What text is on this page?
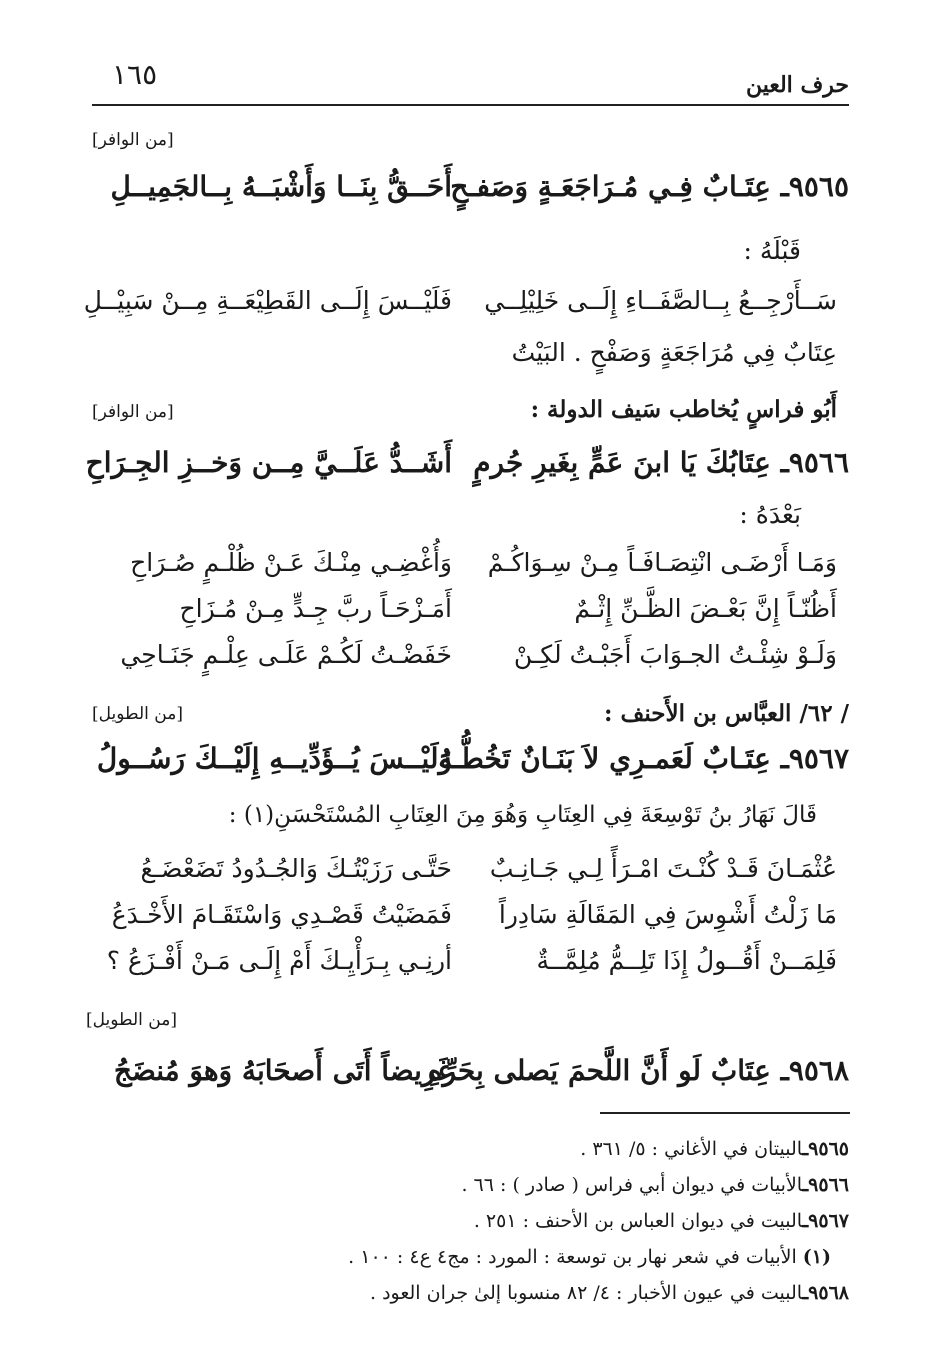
١٦٥	حرف العين
[من الوافر]
٩٥٦٥ـ عِتَـابٌ فِـي مُـرَاجَعَـةٍ وَصَفـحٍ
أَحَــقُّ بِنَــا وَأَشْبَــهُ بِــالجَمِيــلِ
قَبْلَهُ :
سَــأَرْجِــعُ بِــالصَّفَــاءِ إِلَــى خَلِيْلِــي
فَلَيْــسَ إِلَــى القَطِيْعَــةِ مِــنْ سَبِيْــلِ
عِتَابٌ فِي مُرَاجَعَةٍ وَصَفْحٍ . البَيْتُ
أَبُو فراسٍ يُخاطب سَيف الدولة :
[من الوافر]
٩٥٦٦ـ عِتَابُكَ يَا ابنَ عَمٍّ بِغَيرِ جُرمٍ
أَشَــدُّ عَلَــيَّ مِــن وَخــزِ الجِـرَاحِ
بَعْدَهُ :
وَمَـا أَرْضَـى انْتِصَـافَـاً مِـنْ سِـوَاكُـمْ
وَأُغْضِـي مِنْـكَ عَـنْ ظُلْـمٍ صُـرَاحِ
أَظُنّـاً إِنَّ بَعْـضَ الظَّـنِّ إِثْـمٌ
أَمَـزْحَـاً ربَّ جِـدٍّ مِـنْ مُـزَاحِ
وَلَـوْ شِئْـتُ الجـوَابَ أَجَبْـتُ لَكِـنْ
خَفَضْـتُ لَكُـمْ عَلَـى عِلْـمٍ جَنَـاحِي
/ ٦٢/ العبَّاس بن الأَحنف :
[من الطويل]
٩٥٦٧ـ عِتَـابٌ لَعَمـرِي لاَ بَنَـانٌ تَخُطُّـهُ
وَلَيْــسَ يُــؤَدِّيــهِ إِلَيْــكَ رَسُــولُ
قَالَ نَهَارُ بنُ تَوْسِعَةَ فِي العِتَابِ وَهُوَ مِنَ العِتَابِ المُسْتَحْسَنِ(١) :
عُثْمَـانَ قَـدْ كُنْـتَ امْـرَأً لِـي جَـانِـبٌ
حَتَّـى رَزَيْتُـكَ وَالجُـدُودُ تَضَعْضَـعُ
مَا زَلْتُ أَشْوِسَ فِي المَقَالَةِ سَادِراً
فَمَضَيْتُ قَصْـدِي وَاسْتَقَـامَ الأَخْـدَعُ
فَلِمَــنْ أَقُــولُ إِذَا تَلِــمُّ مُلِمَّــةٌ
أرنِـي بِـرَأْيِـكَ أَمْ إِلَـى مَـنْ أَفْـزَعُ ؟
[من الطويل]
٩٥٦٨ـ عِتَابٌ لَو أَنَّ اللَّحمَ يَصلى بِحَرِّهِ
غَرِيضاً أَتَى أَصحَابَهُ وَهوَ مُنضَجُ
٩٥٦٥ـالبيتان في الأغاني : ٥/ ٣٦١ .
٩٥٦٦ـالأبيات في ديوان أبي فراس ( صادر ) : ٦٦ .
٩٥٦٧ـالبيت في ديوان العباس بن الأحنف : ٢٥١ .
(١) الأبيات في شعر نهار بن توسعة : المورد : مج٤ ع٤ : ١٠٠ .
٩٥٦٨ـالبيت في عيون الأخبار : ٤/ ٨٢ منسوبا إلىٰ جران العود .
